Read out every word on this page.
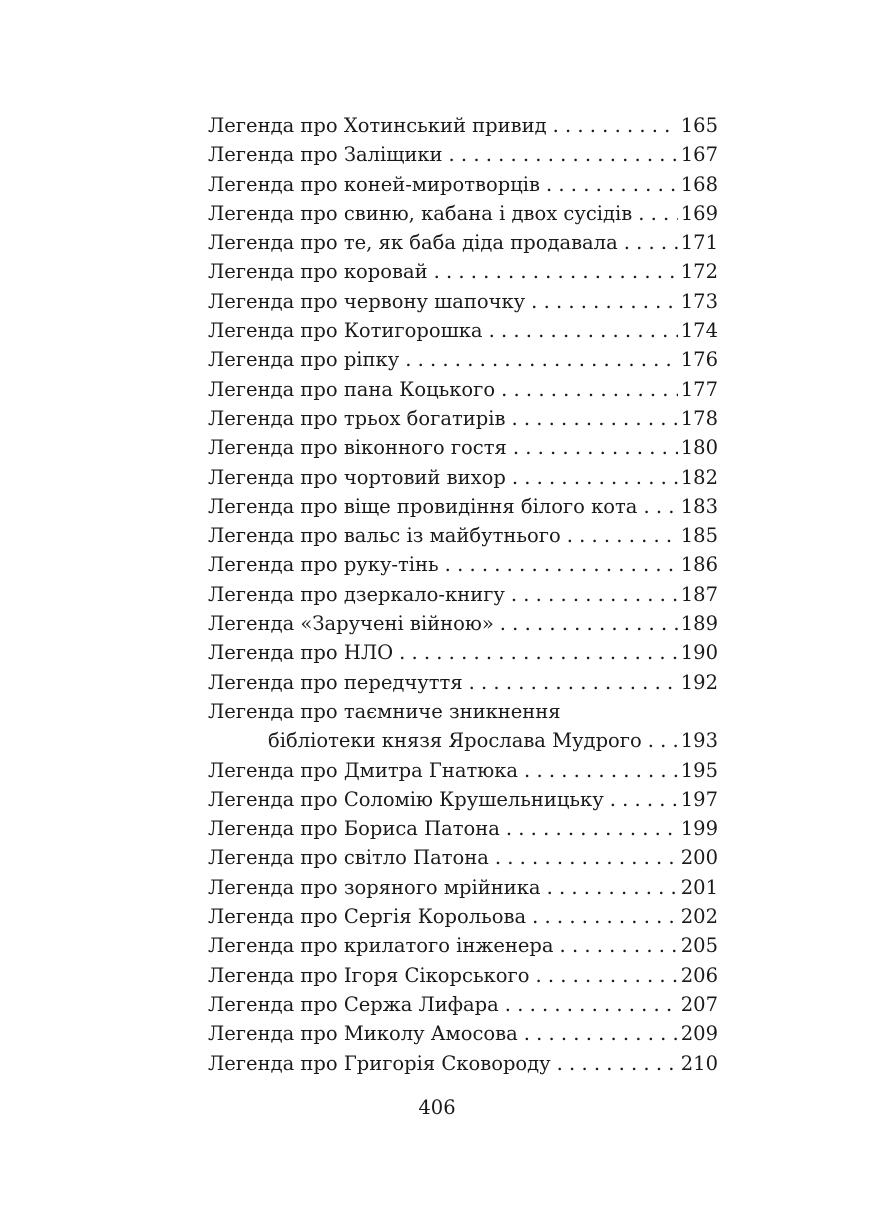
Легенда про Хотинський привид . . .	165
Легенда про Заліщики . . .	167
Легенда про коней-миротворців . . .	168
Легенда про свиню, кабана і двох сусідів . . . 169
Легенда про те, як баба діда продавала . . .	171
Легенда про коровай . . .	172
Легенда про червону шапочку . . .	173
Легенда про Котигорошка . . .	174
Легенда про ріпку . . .	176
Легенда про пана Коцького . . .	177
Легенда про трьох богатирів . . .	178
Легенда про віконного гостя . . .	180
Легенда про чортовий вихор . . .	182
Легенда про віще провидіння білого кота . . . 183
Легенда про вальс із майбутнього . . .	185
Легенда про руку-тінь . . .	186
Легенда про дзеркало-книгу . . .	187
Легенда «Заручені війною» . . .	189
Легенда про НЛО . . .	190
Легенда про передчуття . . .	192
Легенда про таємниче зникнення
бібліотеки князя Ярослава Мудрого . . . 193
Легенда про Дмитра Гнатюка . . .	195
Легенда про Соломію Крушельницьку . . .	197
Легенда про Бориса Патона . . .	199
Легенда про світло Патона . . .	200
Легенда про зоряного мрійника . . .	201
Легенда про Сергія Корольова . . .	202
Легенда про крилатого інженера . . .	205
Легенда про Ігоря Сікорського . . .	206
Легенда про Сержа Лифара . . .	207
Легенда про Миколу Амосова . . .	209
Легенда про Григорія Сковороду . . .	210
406
